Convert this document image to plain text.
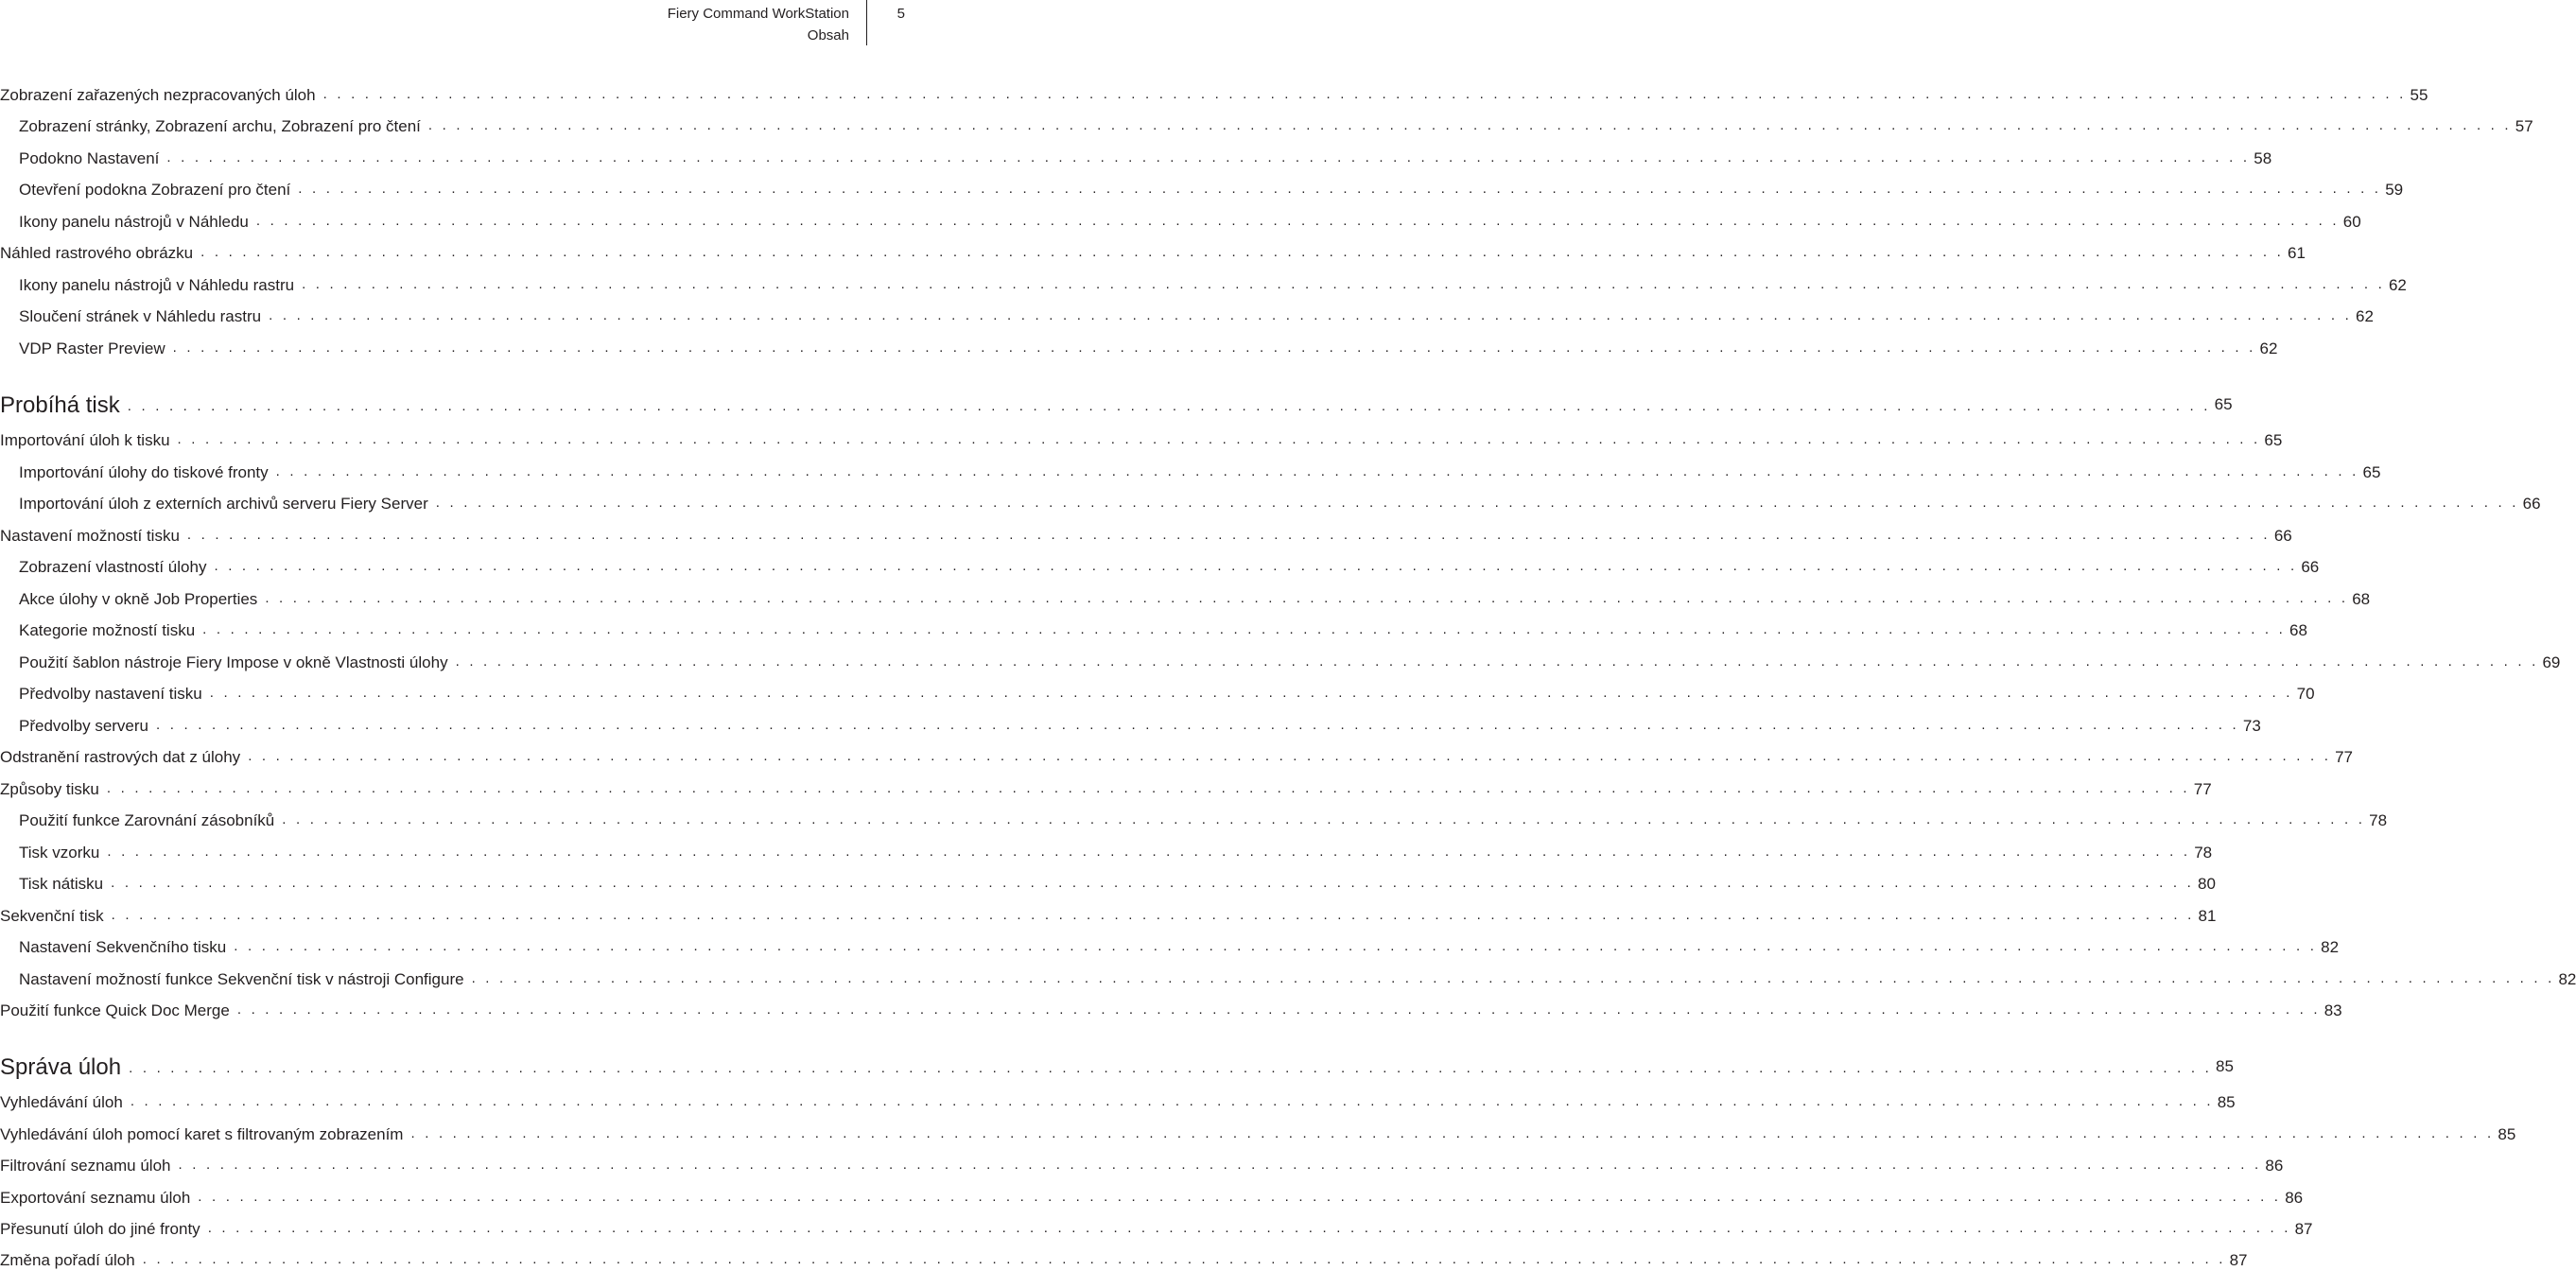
Fiery Command WorkStation
Obsah
5
Zobrazení zařazených nezpracovaných úloh . . . . . . . . . . . . . . . . . . . . . . . . . . . . . . . . . . . . . . . . . . . . . . . . . . . . . . . . . . . . . . . . . . . . . . . . . . . . . . . . . . . . . . . . . . . . . . . . . . . . . . . . . . . . . . . . . . . . . . . . . . . . . . . . . . . . . . . . . . . . . . . . . . . . . . 55
Zobrazení stránky, Zobrazení archu, Zobrazení pro čtení . . . . . . . . . . . . . . . . . . . . . . . . . . . . . . . . . . . . . . . . . . . . . . . . . . . . . . . . . . . . . . . . . . . . . . . . . . . . . . . . . . . . . . . . . . . . . . . . . . . . . . . . . . . . . . . . . . . . . . . . . . . . . . . . . . . . . . . . . . . . . . . . . . . . . . 57
Podokno Nastavení . . . . . . . . . . . . . . . . . . . . . . . . . . . . . . . . . . . . . . . . . . . . . . . . . . . . . . . . . . . . . . . . . . . . . . . . . . . . . . . . . . . . . . . . . . . . . . . . . . . . . . . . . . . . . . . . . . . . . . . . . . . . . . . . . . . . . . . . . . . . . . . . . . . . . . 58
Otevření podokna Zobrazení pro čtení . . . . . . . . . . . . . . . . . . . . . . . . . . . . . . . . . . . . . . . . . . . . . . . . . . . . . . . . . . . . . . . . . . . . . . . . . . . . . . . . . . . . . . . . . . . . . . . . . . . . . . . . . . . . . . . . . . . . . . . . . . . . . . . . . . . . . . . . . . . . . . . . . . . . . . 59
Ikony panelu nástrojů v Náhledu . . . . . . . . . . . . . . . . . . . . . . . . . . . . . . . . . . . . . . . . . . . . . . . . . . . . . . . . . . . . . . . . . . . . . . . . . . . . . . . . . . . . . . . . . . . . . . . . . . . . . . . . . . . . . . . . . . . . . . . . . . . . . . . . . . . . . . . . . . . . . . . . . . . . . . 60
Náhled rastrového obrázku . . . . . . . . . . . . . . . . . . . . . . . . . . . . . . . . . . . . . . . . . . . . . . . . . . . . . . . . . . . . . . . . . . . . . . . . . . . . . . . . . . . . . . . . . . . . . . . . . . . . . . . . . . . . . . . . . . . . . . . . . . . . . . . . . . . . . . . . . . . . . . . . . . . . . . 61
Ikony panelu nástrojů v Náhledu rastru . . . . . . . . . . . . . . . . . . . . . . . . . . . . . . . . . . . . . . . . . . . . . . . . . . . . . . . . . . . . . . . . . . . . . . . . . . . . . . . . . . . . . . . . . . . . . . . . . . . . . . . . . . . . . . . . . . . . . . . . . . . . . . . . . . . . . . . . . . . . . . . . . . . . . . 62
Sloučení stránek v Náhledu rastru . . . . . . . . . . . . . . . . . . . . . . . . . . . . . . . . . . . . . . . . . . . . . . . . . . . . . . . . . . . . . . . . . . . . . . . . . . . . . . . . . . . . . . . . . . . . . . . . . . . . . . . . . . . . . . . . . . . . . . . . . . . . . . . . . . . . . . . . . . . . . . . . . . . . . . 62
VDP Raster Preview . . . . . . . . . . . . . . . . . . . . . . . . . . . . . . . . . . . . . . . . . . . . . . . . . . . . . . . . . . . . . . . . . . . . . . . . . . . . . . . . . . . . . . . . . . . . . . . . . . . . . . . . . . . . . . . . . . . . . . . . . . . . . . . . . . . . . . . . . . . . . . . . . . . . . . 62
Probíhá tisk . . . . . . . . . . . . . . . . . . . . . . . . . . . . . . . . . . . . . . . . . . . . . . . . . . . . . . . . . . . . . . . . . . . . . . . . . . . . . . . . . . . . . . . . . . . . . . . . . . . . . . . . . . . . . . . . . . . . . . . . . . . . . . . . . . . . . . . . . . . . . . . . . . . . . . 65
Importování úloh k tisku . . . . . . . . . . . . . . . . . . . . . . . . . . . . . . . . . . . . . . . . . . . . . . . . . . . . . . . . . . . . . . . . . . . . . . . . . . . . . . . . . . . . . . . . . . . . . . . . . . . . . . . . . . . . . . . . . . . . . . . . . . . . . . . . . . . . . . . . . . . . . . . . . . . . . . 65
Importování úlohy do tiskové fronty . . . . . . . . . . . . . . . . . . . . . . . . . . . . . . . . . . . . . . . . . . . . . . . . . . . . . . . . . . . . . . . . . . . . . . . . . . . . . . . . . . . . . . . . . . . . . . . . . . . . . . . . . . . . . . . . . . . . . . . . . . . . . . . . . . . . . . . . . . . . . . . . . . . . . . 65
Importování úloh z externích archivů serveru Fiery Server . . . . . . . . . . . . . . . . . . . . . . . . . . . . . . . . . . . . . . . . . . . . . . . . . . . . . . . . . . . . . . . . . . . . . . . . . . . . . . . . . . . . . . . . . . . . . . . . . . . . . . . . . . . . . . . . . . . . . . . . . . . . . . . . . . . . . . . . . . . . . . . . . . . . . . 66
Nastavení možností tisku . . . . . . . . . . . . . . . . . . . . . . . . . . . . . . . . . . . . . . . . . . . . . . . . . . . . . . . . . . . . . . . . . . . . . . . . . . . . . . . . . . . . . . . . . . . . . . . . . . . . . . . . . . . . . . . . . . . . . . . . . . . . . . . . . . . . . . . . . . . . . . . . . . . . . . 66
Zobrazení vlastností úlohy . . . . . . . . . . . . . . . . . . . . . . . . . . . . . . . . . . . . . . . . . . . . . . . . . . . . . . . . . . . . . . . . . . . . . . . . . . . . . . . . . . . . . . . . . . . . . . . . . . . . . . . . . . . . . . . . . . . . . . . . . . . . . . . . . . . . . . . . . . . . . . . . . . . . . . 66
Akce úlohy v okně Job Properties . . . . . . . . . . . . . . . . . . . . . . . . . . . . . . . . . . . . . . . . . . . . . . . . . . . . . . . . . . . . . . . . . . . . . . . . . . . . . . . . . . . . . . . . . . . . . . . . . . . . . . . . . . . . . . . . . . . . . . . . . . . . . . . . . . . . . . . . . . . . . . . . . . . . . . 68
Kategorie možností tisku . . . . . . . . . . . . . . . . . . . . . . . . . . . . . . . . . . . . . . . . . . . . . . . . . . . . . . . . . . . . . . . . . . . . . . . . . . . . . . . . . . . . . . . . . . . . . . . . . . . . . . . . . . . . . . . . . . . . . . . . . . . . . . . . . . . . . . . . . . . . . . . . . . . . . . 68
Použití šablon nástroje Fiery Impose v okně Vlastnosti úlohy . . . . . . . . . . . . . . . . . . . . . . . . . . . . . . . . . . . . . . . . . . . . . . . . . . . . . . . . . . . . . . . . . . . . . . . . . . . . . . . . . . . . . . . . . . . . . . . . . . . . . . . . . . . . . . . . . . . . . . . . . . . . . . . . . . . . . . . . . . . . . . . . . . . . . . 69
Předvolby nastavení tisku . . . . . . . . . . . . . . . . . . . . . . . . . . . . . . . . . . . . . . . . . . . . . . . . . . . . . . . . . . . . . . . . . . . . . . . . . . . . . . . . . . . . . . . . . . . . . . . . . . . . . . . . . . . . . . . . . . . . . . . . . . . . . . . . . . . . . . . . . . . . . . . . . . . . . . 70
Předvolby serveru . . . . . . . . . . . . . . . . . . . . . . . . . . . . . . . . . . . . . . . . . . . . . . . . . . . . . . . . . . . . . . . . . . . . . . . . . . . . . . . . . . . . . . . . . . . . . . . . . . . . . . . . . . . . . . . . . . . . . . . . . . . . . . . . . . . . . . . . . . . . . . . . . . . . . . 73
Odstranění rastrových dat z úlohy . . . . . . . . . . . . . . . . . . . . . . . . . . . . . . . . . . . . . . . . . . . . . . . . . . . . . . . . . . . . . . . . . . . . . . . . . . . . . . . . . . . . . . . . . . . . . . . . . . . . . . . . . . . . . . . . . . . . . . . . . . . . . . . . . . . . . . . . . . . . . . . . . . . . . . 77
Způsoby tisku . . . . . . . . . . . . . . . . . . . . . . . . . . . . . . . . . . . . . . . . . . . . . . . . . . . . . . . . . . . . . . . . . . . . . . . . . . . . . . . . . . . . . . . . . . . . . . . . . . . . . . . . . . . . . . . . . . . . . . . . . . . . . . . . . . . . . . . . . . . . . . . . . . . . . . 77
Použití funkce Zarovnání zásobníků . . . . . . . . . . . . . . . . . . . . . . . . . . . . . . . . . . . . . . . . . . . . . . . . . . . . . . . . . . . . . . . . . . . . . . . . . . . . . . . . . . . . . . . . . . . . . . . . . . . . . . . . . . . . . . . . . . . . . . . . . . . . . . . . . . . . . . . . . . . . . . . . . . . . . . 78
Tisk vzorku . . . . . . . . . . . . . . . . . . . . . . . . . . . . . . . . . . . . . . . . . . . . . . . . . . . . . . . . . . . . . . . . . . . . . . . . . . . . . . . . . . . . . . . . . . . . . . . . . . . . . . . . . . . . . . . . . . . . . . . . . . . . . . . . . . . . . . . . . . . . . . . . . . . . . . 78
Tisk nátisku . . . . . . . . . . . . . . . . . . . . . . . . . . . . . . . . . . . . . . . . . . . . . . . . . . . . . . . . . . . . . . . . . . . . . . . . . . . . . . . . . . . . . . . . . . . . . . . . . . . . . . . . . . . . . . . . . . . . . . . . . . . . . . . . . . . . . . . . . . . . . . . . . . . . . . 80
Sekvenční tisk . . . . . . . . . . . . . . . . . . . . . . . . . . . . . . . . . . . . . . . . . . . . . . . . . . . . . . . . . . . . . . . . . . . . . . . . . . . . . . . . . . . . . . . . . . . . . . . . . . . . . . . . . . . . . . . . . . . . . . . . . . . . . . . . . . . . . . . . . . . . . . . . . . . . . . 81
Nastavení Sekvenčního tisku . . . . . . . . . . . . . . . . . . . . . . . . . . . . . . . . . . . . . . . . . . . . . . . . . . . . . . . . . . . . . . . . . . . . . . . . . . . . . . . . . . . . . . . . . . . . . . . . . . . . . . . . . . . . . . . . . . . . . . . . . . . . . . . . . . . . . . . . . . . . . . . . . . . . . . 82
Nastavení možností funkce Sekvenční tisk v nástroji Configure . . . . . . . . . . . . . . . . . . . . . . . . . . . . . . . . . . . . . . . . . . . . . . . . . . . . . . . . . . . . . . . . . . . . . . . . . . . . . . . . . . . . . . . . . . . . . . . . . . . . . . . . . . . . . . . . . . . . . . . . . . . . . . . . . . . . . . . . . . . . . . . . . . . . . . 82
Použití funkce Quick Doc Merge . . . . . . . . . . . . . . . . . . . . . . . . . . . . . . . . . . . . . . . . . . . . . . . . . . . . . . . . . . . . . . . . . . . . . . . . . . . . . . . . . . . . . . . . . . . . . . . . . . . . . . . . . . . . . . . . . . . . . . . . . . . . . . . . . . . . . . . . . . . . . . . . . . . . . . 83
Správa úloh . . . . . . . . . . . . . . . . . . . . . . . . . . . . . . . . . . . . . . . . . . . . . . . . . . . . . . . . . . . . . . . . . . . . . . . . . . . . . . . . . . . . . . . . . . . . . . . . . . . . . . . . . . . . . . . . . . . . . . . . . . . . . . . . . . . . . . . . . . . . . . . . . . . . . . 85
Vyhledávání úloh . . . . . . . . . . . . . . . . . . . . . . . . . . . . . . . . . . . . . . . . . . . . . . . . . . . . . . . . . . . . . . . . . . . . . . . . . . . . . . . . . . . . . . . . . . . . . . . . . . . . . . . . . . . . . . . . . . . . . . . . . . . . . . . . . . . . . . . . . . . . . . . . . . . . . . 85
Vyhledávání úloh pomocí karet s filtrovaným zobrazením . . . . . . . . . . . . . . . . . . . . . . . . . . . . . . . . . . . . . . . . . . . . . . . . . . . . . . . . . . . . . . . . . . . . . . . . . . . . . . . . . . . . . . . . . . . . . . . . . . . . . . . . . . . . . . . . . . . . . . . . . . . . . . . . . . . . . . . . . . . . . . . . . . . . . . 85
Filtrování seznamu úloh . . . . . . . . . . . . . . . . . . . . . . . . . . . . . . . . . . . . . . . . . . . . . . . . . . . . . . . . . . . . . . . . . . . . . . . . . . . . . . . . . . . . . . . . . . . . . . . . . . . . . . . . . . . . . . . . . . . . . . . . . . . . . . . . . . . . . . . . . . . . . . . . . . . . . . 86
Exportování seznamu úloh . . . . . . . . . . . . . . . . . . . . . . . . . . . . . . . . . . . . . . . . . . . . . . . . . . . . . . . . . . . . . . . . . . . . . . . . . . . . . . . . . . . . . . . . . . . . . . . . . . . . . . . . . . . . . . . . . . . . . . . . . . . . . . . . . . . . . . . . . . . . . . . . . . . . . . 86
Přesunutí úloh do jiné fronty . . . . . . . . . . . . . . . . . . . . . . . . . . . . . . . . . . . . . . . . . . . . . . . . . . . . . . . . . . . . . . . . . . . . . . . . . . . . . . . . . . . . . . . . . . . . . . . . . . . . . . . . . . . . . . . . . . . . . . . . . . . . . . . . . . . . . . . . . . . . . . . . . . . . . . 87
Změna pořadí úloh . . . . . . . . . . . . . . . . . . . . . . . . . . . . . . . . . . . . . . . . . . . . . . . . . . . . . . . . . . . . . . . . . . . . . . . . . . . . . . . . . . . . . . . . . . . . . . . . . . . . . . . . . . . . . . . . . . . . . . . . . . . . . . . . . . . . . . . . . . . . . . . . . . . . . . 87
